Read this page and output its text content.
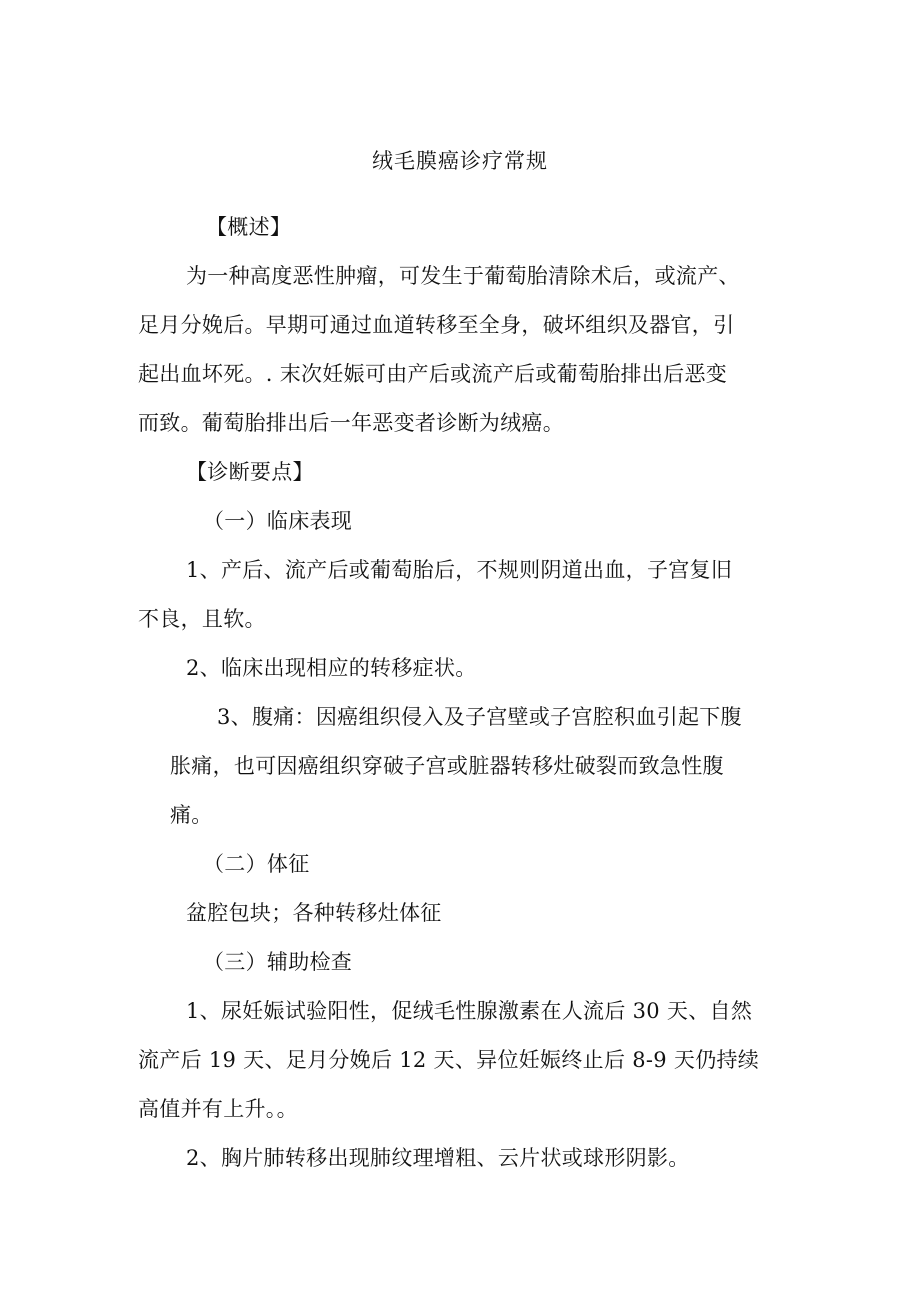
绒毛膜癌诊疗常规
【概述】
为一种高度恶性肿瘤，可发生于葡萄胎清除术后，或流产、
足月分娩后。早期可通过血道转移至全身，破坏组织及器官，引
起出血坏死。. 末次妊娠可由产后或流产后或葡萄胎排出后恶变
而致。葡萄胎排出后一年恶变者诊断为绒癌。
【诊断要点】
（一）临床表现
1、产后、流产后或葡萄胎后，不规则阴道出血，子宫复旧
不良，且软。
2、临床出现相应的转移症状。
3、腹痛：因癌组织侵入及子宫壁或子宫腔积血引起下腹
胀痛，也可因癌组织穿破子宫或脏器转移灶破裂而致急性腹
痛。
（二）体征
盆腔包块；各种转移灶体征
（三）辅助检查
1、尿妊娠试验阳性，促绒毛性腺激素在人流后 30 天、自然
流产后 19 天、足月分娩后 12 天、异位妊娠终止后 8-9 天仍持续
高值并有上升。。
2、胸片肺转移出现肺纹理增粗、云片状或球形阴影。
